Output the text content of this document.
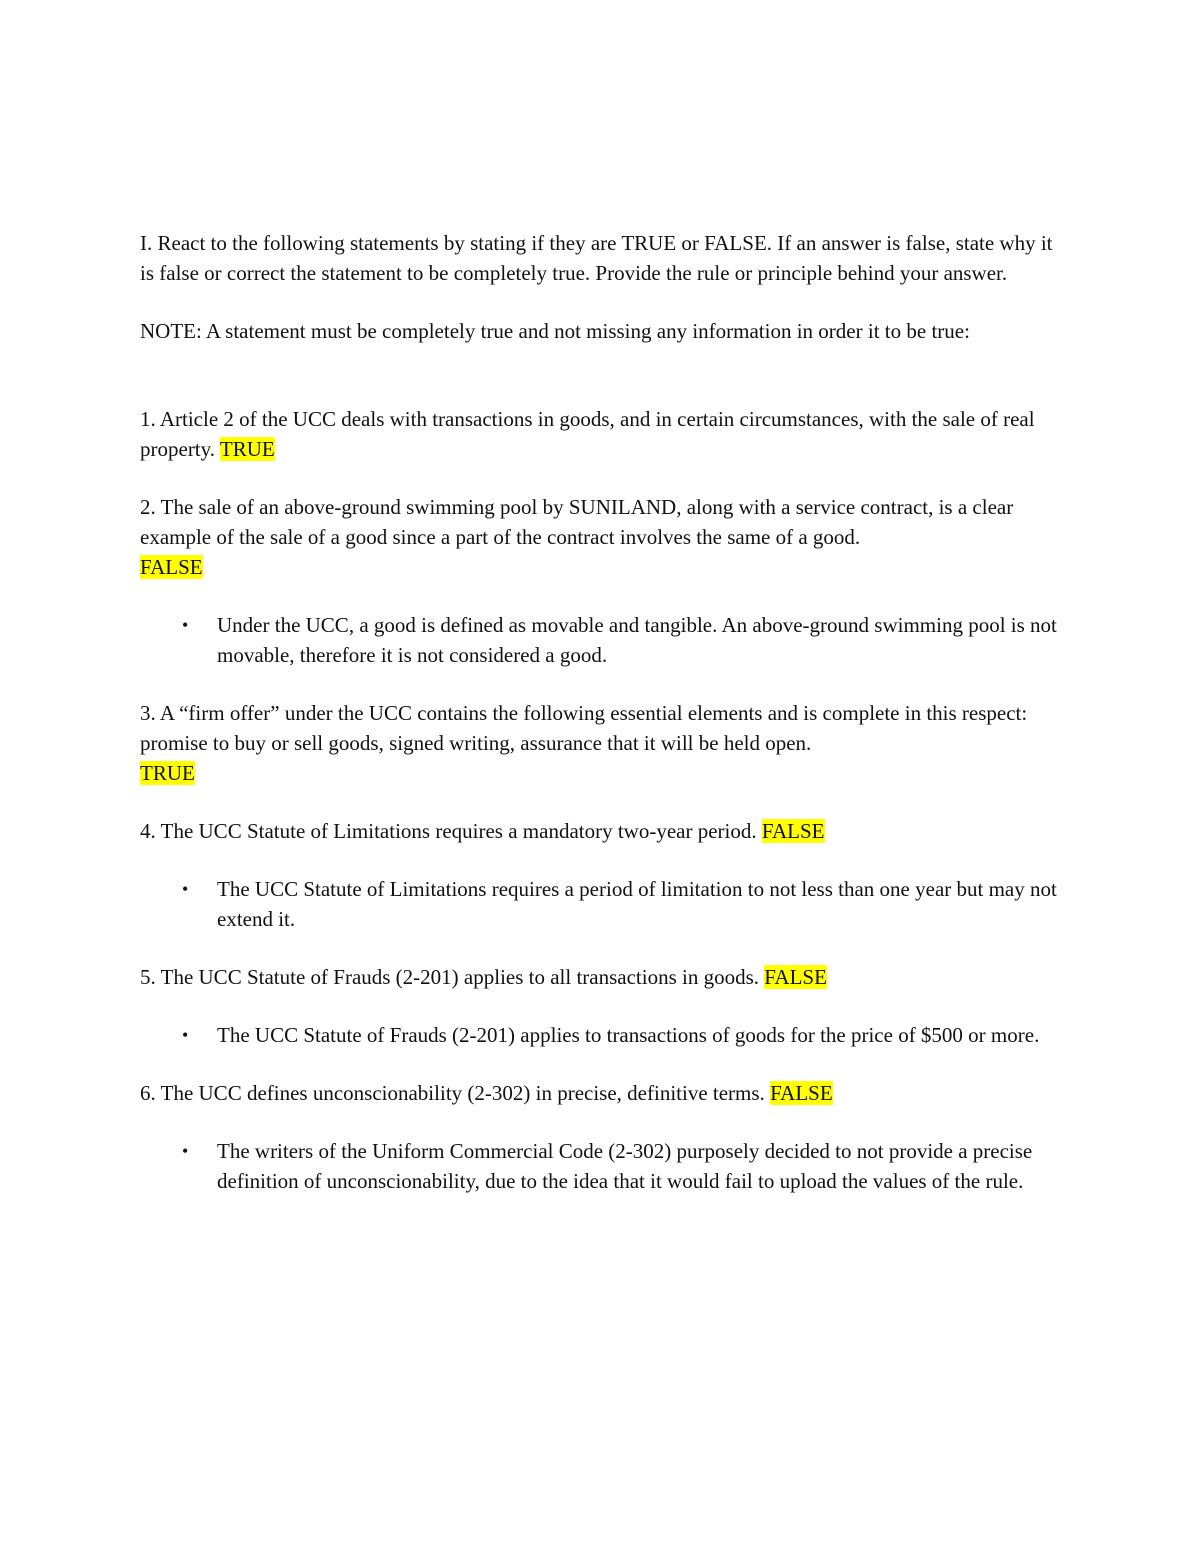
I. React to the following statements by stating if they are TRUE or FALSE. If an answer is false, state why it is false or correct the statement to be completely true. Provide the rule or principle behind your answer.

NOTE: A statement must be completely true and not missing any information in order it to be true:

1. Article 2 of the UCC deals with transactions in goods, and in certain circumstances, with the sale of real property. TRUE

2. The sale of an above-ground swimming pool by SUNILAND, along with a service contract, is a clear example of the sale of a good since a part of the contract involves the same of a good.
FALSE

• Under the UCC, a good is defined as movable and tangible. An above-ground swimming pool is not movable, therefore it is not considered a good.

3. A “firm offer” under the UCC contains the following essential elements and is complete in this respect: promise to buy or sell goods, signed writing, assurance that it will be held open.
TRUE

4. The UCC Statute of Limitations requires a mandatory two-year period. FALSE

• The UCC Statute of Limitations requires a period of limitation to not less than one year but may not extend it.

5. The UCC Statute of Frauds (2-201) applies to all transactions in goods. FALSE

• The UCC Statute of Frauds (2-201) applies to transactions of goods for the price of $500 or more.

6. The UCC defines unconscionability (2-302) in precise, definitive terms. FALSE

• The writers of the Uniform Commercial Code (2-302) purposely decided to not provide a precise definition of unconscionability, due to the idea that it would fail to upload the values of the rule.
